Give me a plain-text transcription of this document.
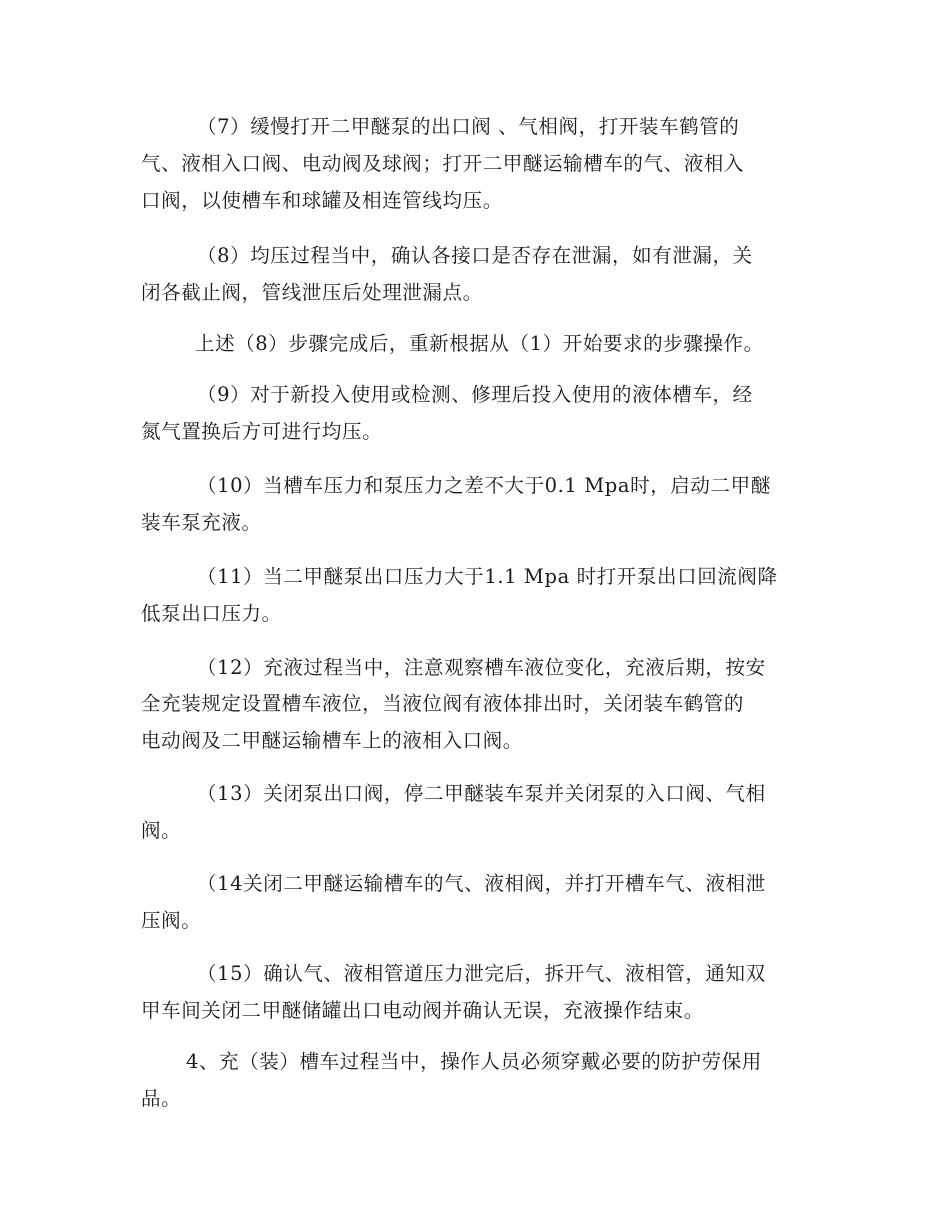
（7）缓慢打开二甲醚泵的出口阀 、气相阀，打开装车鹤管的
气、液相入口阀、电动阀及球阀；打开二甲醚运输槽车的气、液相入
口阀，以使槽车和球罐及相连管线均压。
（8）均压过程当中，确认各接口是否存在泄漏，如有泄漏，关
闭各截止阀，管线泄压后处理泄漏点。
上述（8）步骤完成后，重新根据从（1）开始要求的步骤操作。
（9）对于新投入使用或检测、修理后投入使用的液体槽车，经
氮气置换后方可进行均压。
（10）当槽车压力和泵压力之差不大于0.1 Mpa时，启动二甲醚
装车泵充液。
（11）当二甲醚泵出口压力大于1.1 Mpa 时打开泵出口回流阀降
低泵出口压力。
（12）充液过程当中，注意观察槽车液位变化，充液后期，按安
全充装规定设置槽车液位，当液位阀有液体排出时，关闭装车鹤管的
电动阀及二甲醚运输槽车上的液相入口阀。
（13）关闭泵出口阀，停二甲醚装车泵并关闭泵的入口阀、气相
阀。
（14关闭二甲醚运输槽车的气、液相阀，并打开槽车气、液相泄
压阀。
（15）确认气、液相管道压力泄完后，拆开气、液相管，通知双
甲车间关闭二甲醚储罐出口电动阀并确认无误，充液操作结束。
4、充（装）槽车过程当中，操作人员必须穿戴必要的防护劳保用
品。
